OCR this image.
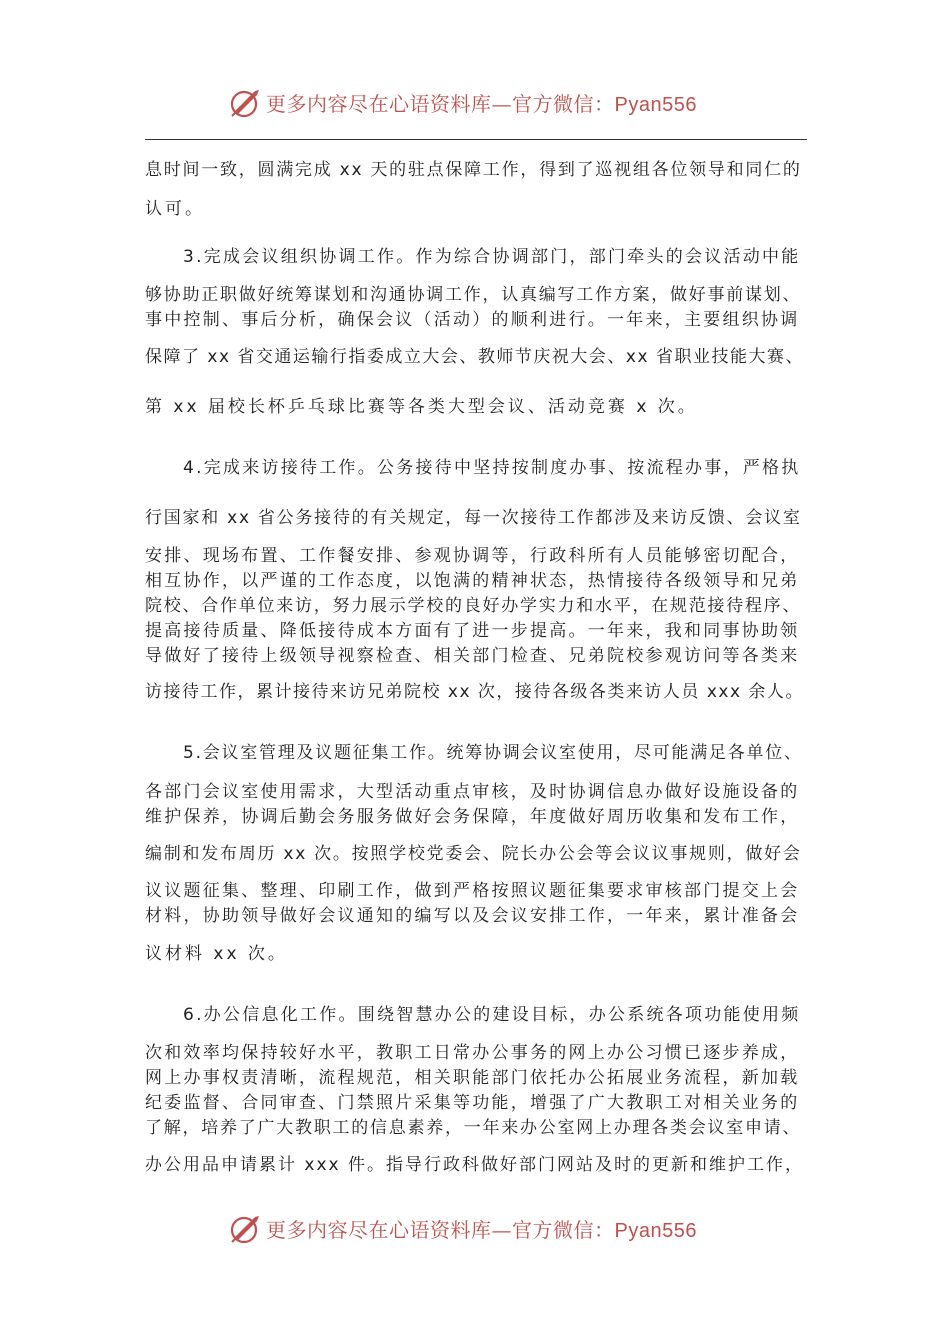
更多内容尽在心语资料库—官方微信：Pyan556
息时间一致，圆满完成 xx 天的驻点保障工作，得到了巡视组各位领导和同仁的
认可。
3.完成会议组织协调工作。作为综合协调部门，部门牵头的会议活动中能
够协助正职做好统筹谋划和沟通协调工作，认真编写工作方案，做好事前谋划、
事中控制、事后分析，确保会议（活动）的顺利进行。一年来，主要组织协调
保障了 xx 省交通运输行指委成立大会、教师节庆祝大会、xx 省职业技能大赛、
第 xx 届校长杯乒乓球比赛等各类大型会议、活动竞赛 x 次。
4.完成来访接待工作。公务接待中坚持按制度办事、按流程办事，严格执
行国家和 xx 省公务接待的有关规定，每一次接待工作都涉及来访反馈、会议室
安排、现场布置、工作餐安排、参观协调等，行政科所有人员能够密切配合，
相互协作，以严谨的工作态度，以饱满的精神状态，热情接待各级领导和兄弟
院校、合作单位来访，努力展示学校的良好办学实力和水平，在规范接待程序、
提高接待质量、降低接待成本方面有了进一步提高。一年来，我和同事协助领
导做好了接待上级领导视察检查、相关部门检查、兄弟院校参观访问等各类来
访接待工作，累计接待来访兄弟院校 xx 次，接待各级各类来访人员 xxx 余人。
5.会议室管理及议题征集工作。统筹协调会议室使用，尽可能满足各单位、
各部门会议室使用需求，大型活动重点审核，及时协调信息办做好设施设备的
维护保养，协调后勤会务服务做好会务保障，年度做好周历收集和发布工作，
编制和发布周历 xx 次。按照学校党委会、院长办公会等会议议事规则，做好会
议议题征集、整理、印刷工作，做到严格按照议题征集要求审核部门提交上会
材料，协助领导做好会议通知的编写以及会议安排工作，一年来，累计准备会
议材料 xx 次。
6.办公信息化工作。围绕智慧办公的建设目标，办公系统各项功能使用频
次和效率均保持较好水平，教职工日常办公事务的网上办公习惯已逐步养成，
网上办事权责清晰，流程规范，相关职能部门依托办公拓展业务流程，新加载
纪委监督、合同审查、门禁照片采集等功能，增强了广大教职工对相关业务的
了解，培养了广大教职工的信息素养，一年来办公室网上办理各类会议室申请、
办公用品申请累计 xxx 件。指导行政科做好部门网站及时的更新和维护工作，
更多内容尽在心语资料库—官方微信：Pyan556
